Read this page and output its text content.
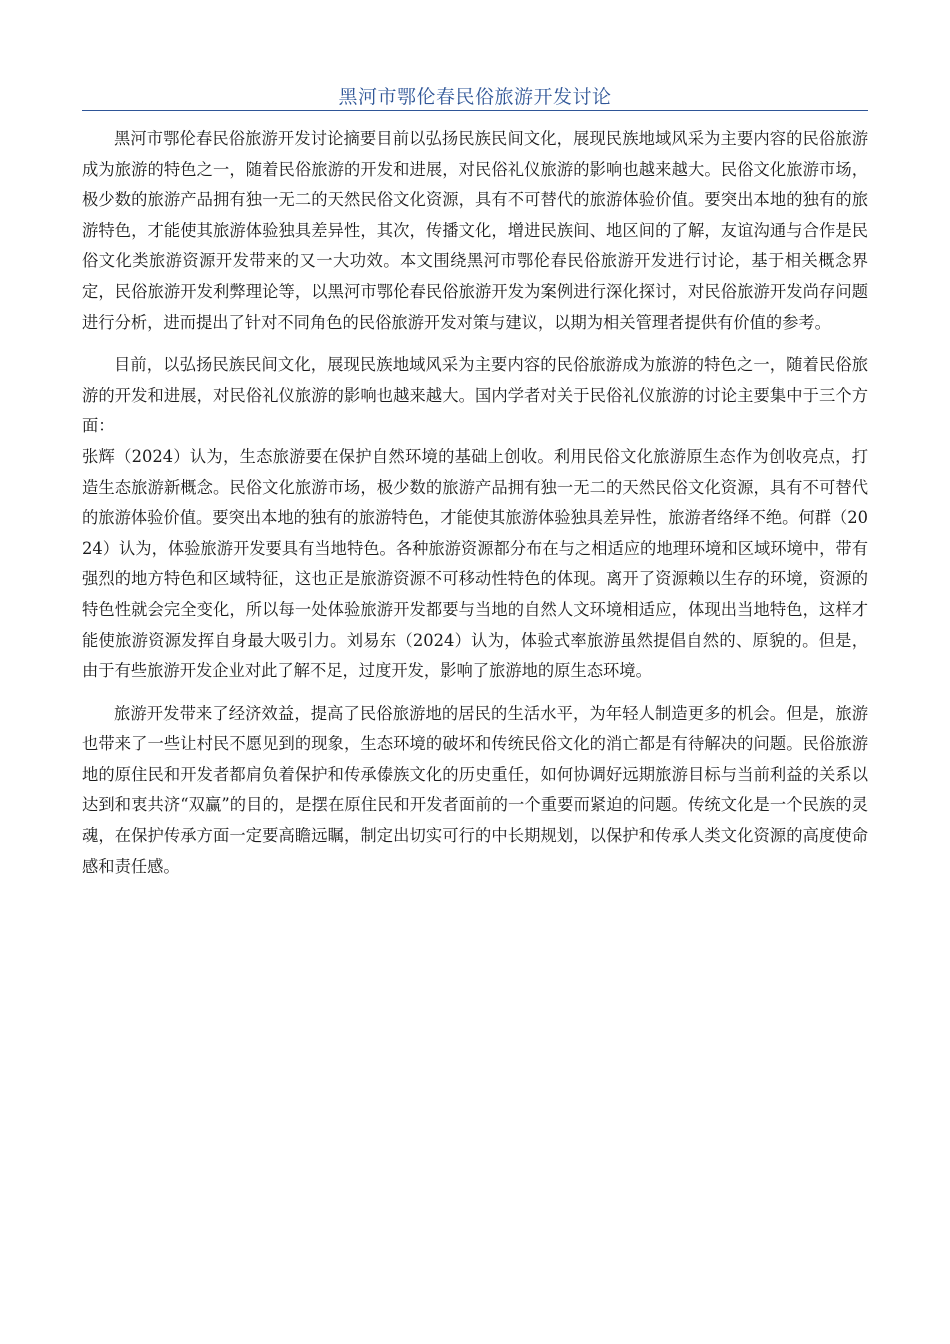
黑河市鄂伦春民俗旅游开发讨论

黑河市鄂伦春民俗旅游开发讨论摘要目前以弘扬民族民间文化，展现民族地域风采为主要内容的民俗旅游成为旅游的特色之一，随着民俗旅游的开发和进展，对民俗礼仪旅游的影响也越来越大。民俗文化旅游市场，极少数的旅游产品拥有独一无二的天然民俗文化资源，具有不可替代的旅游体验价值。要突出本地的独有的旅游特色，才能使其旅游体验独具差异性，其次，传播文化，增进民族间、地区间的了解，友谊沟通与合作是民俗文化类旅游资源开发带来的又一大功效。本文围绕黑河市鄂伦春民俗旅游开发进行讨论，基于相关概念界定，民俗旅游开发利弊理论等，以黑河市鄂伦春民俗旅游开发为案例进行深化探讨，对民俗旅游开发尚存问题进行分析，进而提出了针对不同角色的民俗旅游开发对策与建议，以期为相关管理者提供有价值的参考。

目前，以弘扬民族民间文化，展现民族地域风采为主要内容的民俗旅游成为旅游的特色之一，随着民俗旅游的开发和进展，对民俗礼仪旅游的影响也越来越大。国内学者对关于民俗礼仪旅游的讨论主要集中于三个方面：

张辉（2024）认为，生态旅游要在保护自然环境的基础上创收。利用民俗文化旅游原生态作为创收亮点，打造生态旅游新概念。民俗文化旅游市场，极少数的旅游产品拥有独一无二的天然民俗文化资源，具有不可替代的旅游体验价值。要突出本地的独有的旅游特色，才能使其旅游体验独具差异性，旅游者络绎不绝。何群（2024）认为，体验旅游开发要具有当地特色。各种旅游资源都分布在与之相适应的地理环境和区域环境中，带有强烈的地方特色和区域特征，这也正是旅游资源不可移动性特色的体现。离开了资源赖以生存的环境，资源的特色性就会完全变化，所以每一处体验旅游开发都要与当地的自然人文环境相适应，体现出当地特色，这样才能使旅游资源发挥自身最大吸引力。刘易东（2024）认为，体验式率旅游虽然提倡自然的、原貌的。但是，由于有些旅游开发企业对此了解不足，过度开发，影响了旅游地的原生态环境。

旅游开发带来了经济效益，提高了民俗旅游地的居民的生活水平，为年轻人制造更多的机会。但是，旅游也带来了一些让村民不愿见到的现象，生态环境的破坏和传统民俗文化的消亡都是有待解决的问题。民俗旅游地的原住民和开发者都肩负着保护和传承傣族文化的历史重任，如何协调好远期旅游目标与当前利益的关系以达到和衷共济“双赢”的目的，是摆在原住民和开发者面前的一个重要而紧迫的问题。传统文化是一个民族的灵魂，在保护传承方面一定要高瞻远瞩，制定出切实可行的中长期规划，以保护和传承人类文化资源的高度使命感和责任感。
